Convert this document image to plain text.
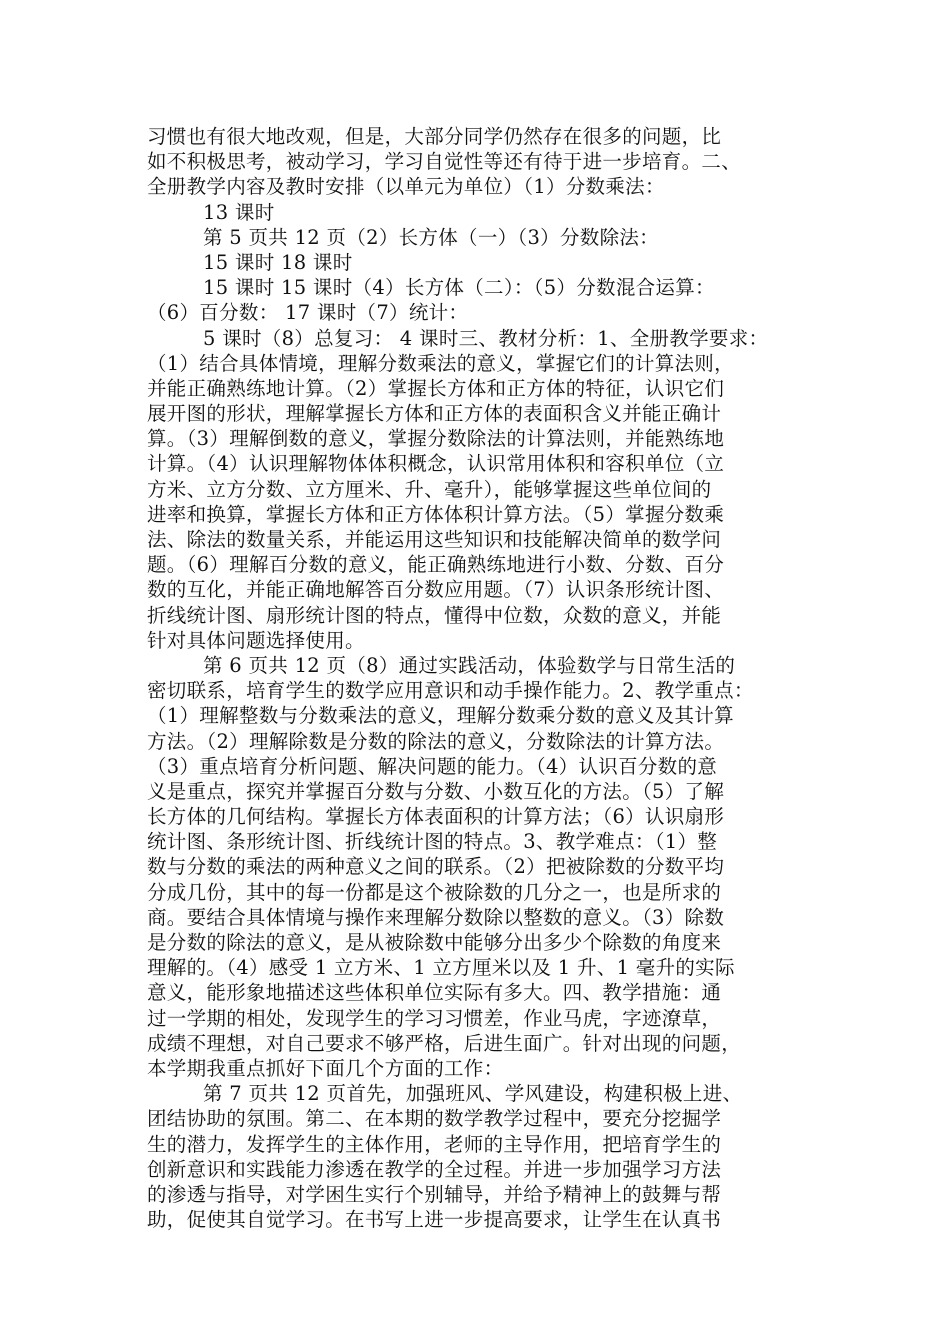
习惯也有很大地改观，但是，大部分同学仍然存在很多的问题，比
如不积极思考，被动学习，学习自觉性等还有待于进一步培育。二、
全册教学内容及教时安排（以单元为单位）（1）分数乘法：
13 课时
第 5 页共 12 页（2）长方体（一）（3）分数除法：
15 课时 18 课时
15 课时 15 课时（4）长方体（二）：（5）分数混合运算：
（6）百分数： 17 课时（7）统计：
5 课时（8）总复习： 4 课时三、教材分析：1、全册教学要求：
（1）结合具体情境，理解分数乘法的意义，掌握它们的计算法则，
并能正确熟练地计算。（2）掌握长方体和正方体的特征，认识它们
展开图的形状，理解掌握长方体和正方体的表面积含义并能正确计
算。（3）理解倒数的意义，掌握分数除法的计算法则，并能熟练地
计算。（4）认识理解物体体积概念，认识常用体积和容积单位（立
方米、立方分数、立方厘米、升、毫升），能够掌握这些单位间的
进率和换算，掌握长方体和正方体体积计算方法。（5）掌握分数乘
法、除法的数量关系，并能运用这些知识和技能解决简单的数学问
题。（6）理解百分数的意义，能正确熟练地进行小数、分数、百分
数的互化，并能正确地解答百分数应用题。（7）认识条形统计图、
折线统计图、扇形统计图的特点，懂得中位数，众数的意义，并能
针对具体问题选择使用。
第 6 页共 12 页（8）通过实践活动，体验数学与日常生活的
密切联系，培育学生的数学应用意识和动手操作能力。2、教学重点：
（1）理解整数与分数乘法的意义，理解分数乘分数的意义及其计算
方法。（2）理解除数是分数的除法的意义，分数除法的计算方法。
（3）重点培育分析问题、解决问题的能力。（4）认识百分数的意
义是重点，探究并掌握百分数与分数、小数互化的方法。（5）了解
长方体的几何结构。掌握长方体表面积的计算方法；（6）认识扇形
统计图、条形统计图、折线统计图的特点。3、教学难点：（1）整
数与分数的乘法的两种意义之间的联系。（2）把被除数的分数平均
分成几份，其中的每一份都是这个被除数的几分之一，也是所求的
商。要结合具体情境与操作来理解分数除以整数的意义。（3）除数
是分数的除法的意义，是从被除数中能够分出多少个除数的角度来
理解的。（4）感受 1 立方米、1 立方厘米以及 1 升、1 毫升的实际
意义，能形象地描述这些体积单位实际有多大。四、教学措施：通
过一学期的相处，发现学生的学习习惯差，作业马虎，字迹潦草，
成绩不理想，对自己要求不够严格，后进生面广。针对出现的问题，
本学期我重点抓好下面几个方面的工作：
第 7 页共 12 页首先，加强班风、学风建设，构建积极上进、
团结协助的氛围。第二、在本期的数学教学过程中，要充分挖掘学
生的潜力，发挥学生的主体作用，老师的主导作用，把培育学生的
创新意识和实践能力渗透在教学的全过程。并进一步加强学习方法
的渗透与指导，对学困生实行个别辅导，并给予精神上的鼓舞与帮
助，促使其自觉学习。在书写上进一步提高要求，让学生在认真书
